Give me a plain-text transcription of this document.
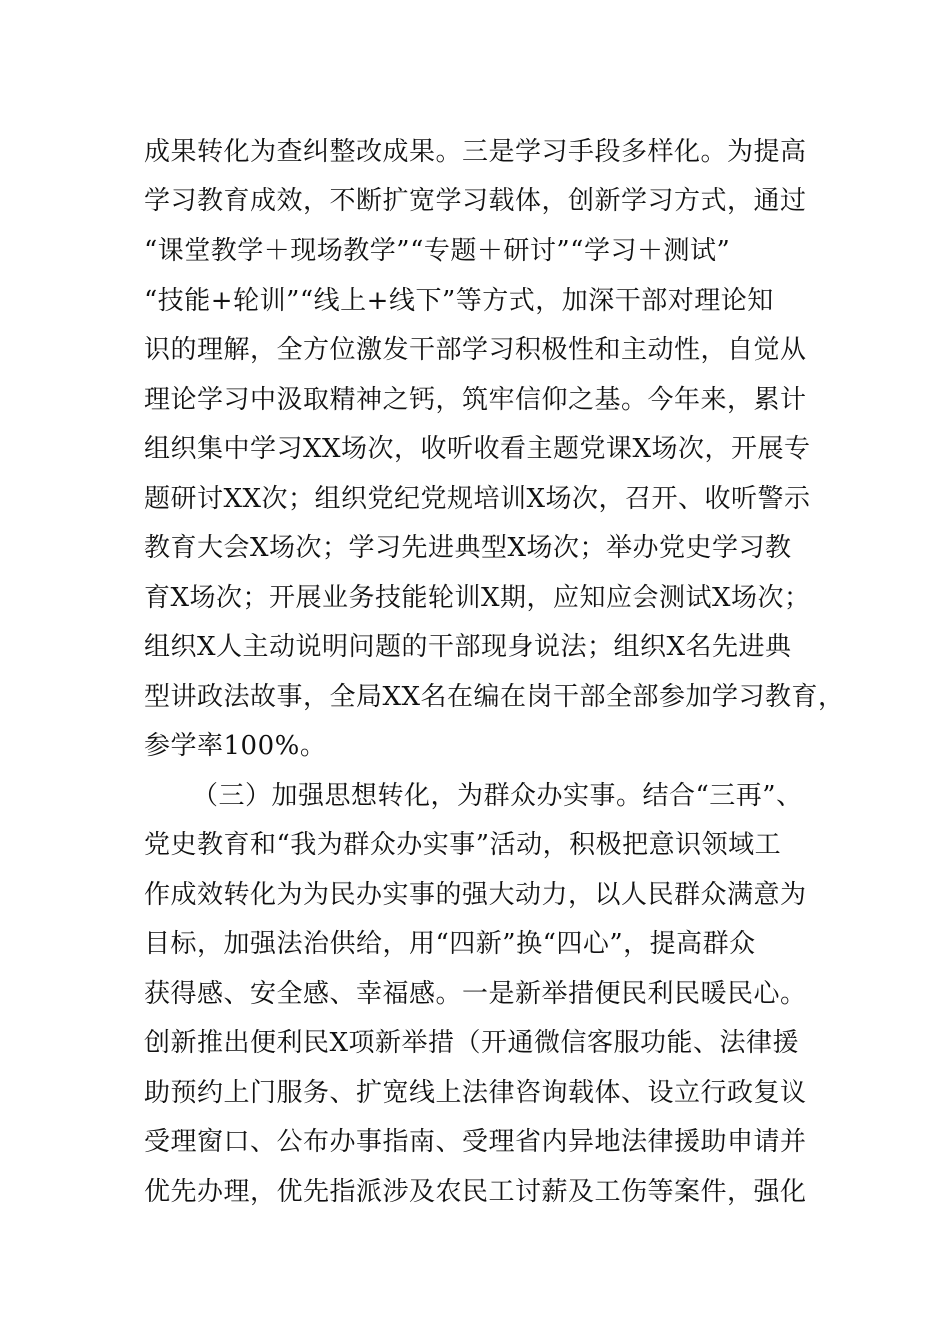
成果转化为查纠整改成果。三是学习手段多样化。为提高
学习教育成效，不断扩宽学习载体，创新学习方式，通过
“课堂教学＋现场教学”“专题＋研讨”“学习＋测试”
“技能+轮训”“线上+线下”等方式，加深干部对理论知
识的理解，全方位激发干部学习积极性和主动性，自觉从
理论学习中汲取精神之钙，筑牢信仰之基。今年来，累计
组织集中学习XX场次，收听收看主题党课X场次，开展专
题研讨XX次；组织党纪党规培训X场次，召开、收听警示
教育大会X场次；学习先进典型X场次；举办党史学习教
育X场次；开展业务技能轮训X期，应知应会测试X场次；
组织X人主动说明问题的干部现身说法；组织X名先进典
型讲政法故事，全局XX名在编在岗干部全部参加学习教育，
参学率100%。
（三）加强思想转化，为群众办实事。结合“三再”、
党史教育和“我为群众办实事”活动，积极把意识领域工
作成效转化为为民办实事的强大动力，以人民群众满意为
目标，加强法治供给，用“四新”换“四心”，提高群众
获得感、安全感、幸福感。一是新举措便民利民暖民心。
创新推出便利民X项新举措（开通微信客服功能、法律援
助预约上门服务、扩宽线上法律咨询载体、设立行政复议
受理窗口、公布办事指南、受理省内异地法律援助申请并
优先办理，优先指派涉及农民工讨薪及工伤等案件，强化
